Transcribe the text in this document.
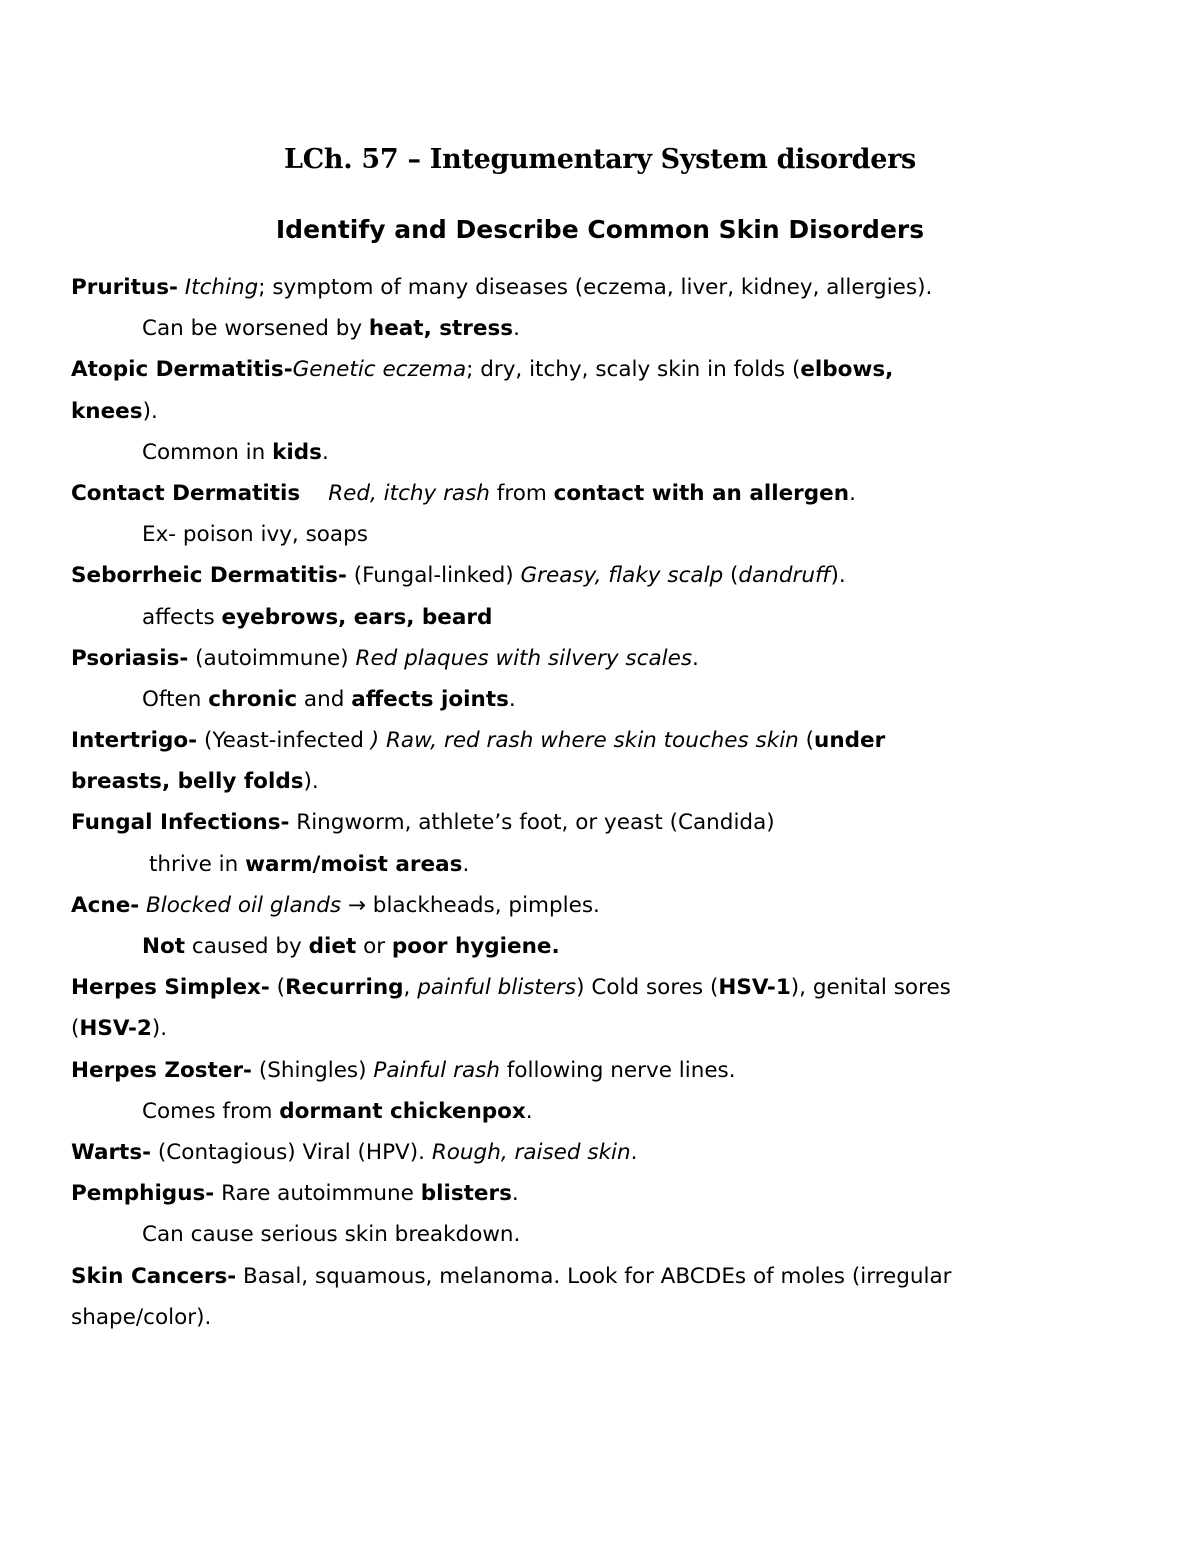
LCh. 57 – Integumentary System disorders
Identify and Describe Common Skin Disorders
Pruritus- Itching; symptom of many diseases (eczema, liver, kidney, allergies).
Can be worsened by heat, stress.
Atopic Dermatitis-Genetic eczema; dry, itchy, scaly skin in folds (elbows,
knees).
Common in kids.
Contact Dermatitis Red, itchy rash from contact with an allergen.
Ex- poison ivy, soaps
Seborrheic Dermatitis- (Fungal-linked) Greasy, flaky scalp (dandruff).
affects eyebrows, ears, beard
Psoriasis- (autoimmune) Red plaques with silvery scales.
Often chronic and affects joints.
Intertrigo- (Yeast-infected ) Raw, red rash where skin touches skin (under
breasts, belly folds).
Fungal Infections- Ringworm, athlete’s foot, or yeast (Candida)
thrive in warm/moist areas.
Acne- Blocked oil glands → blackheads, pimples.
Not caused by diet or poor hygiene.
Herpes Simplex- (Recurring, painful blisters) Cold sores (HSV-1), genital sores
(HSV-2).
Herpes Zoster- (Shingles) Painful rash following nerve lines.
Comes from dormant chickenpox.
Warts- (Contagious) Viral (HPV). Rough, raised skin.
Pemphigus- Rare autoimmune blisters.
Can cause serious skin breakdown.
Skin Cancers- Basal, squamous, melanoma. Look for ABCDEs of moles (irregular
shape/color).
